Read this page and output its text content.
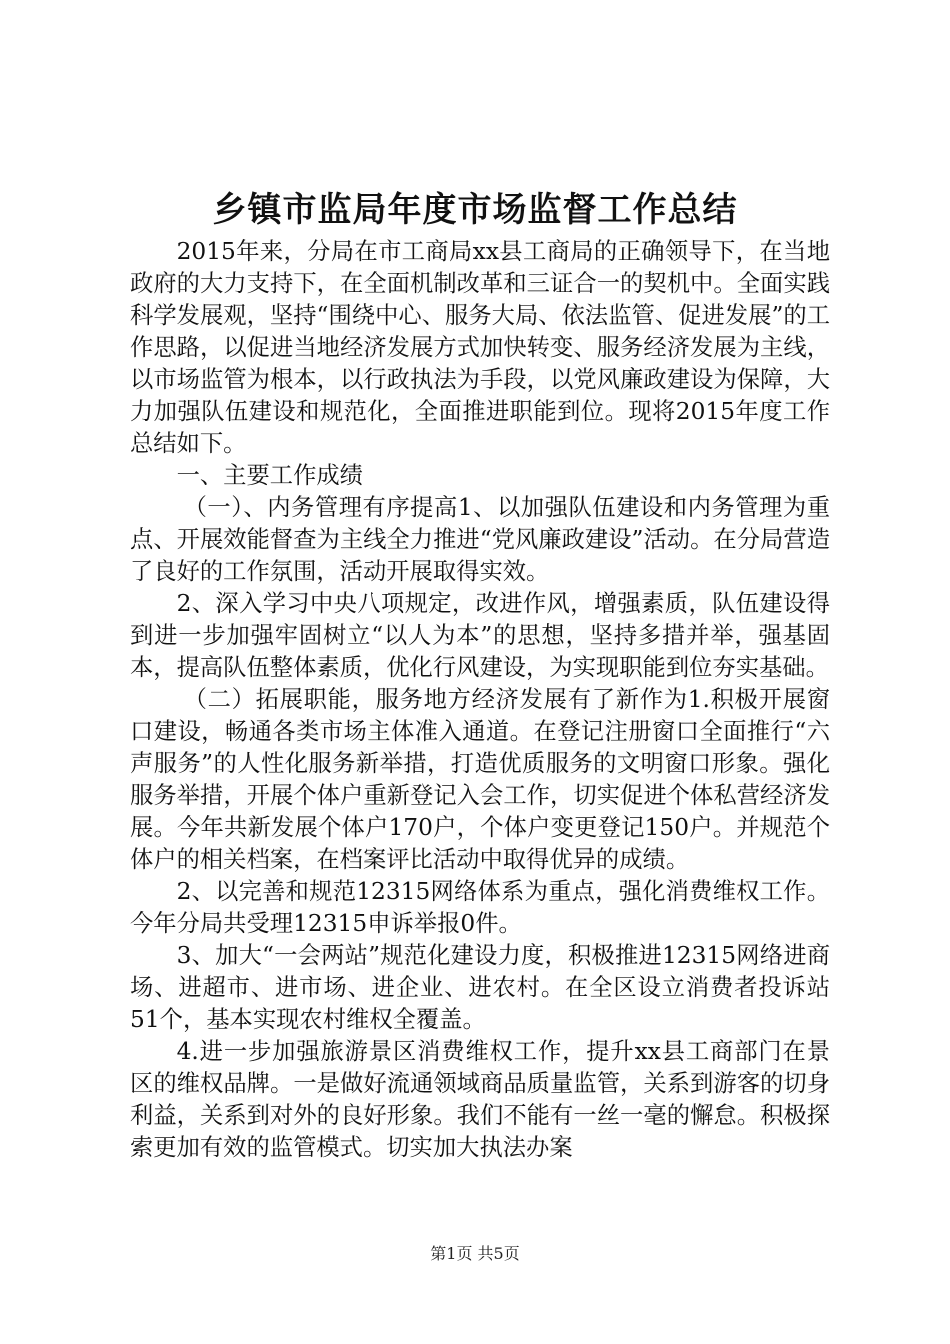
乡镇市监局年度市场监督工作总结

2015年来，分局在市工商局xx县工商局的正确领导下，在当地政府的大力支持下，在全面机制改革和三证合一的契机中。全面实践科学发展观，坚持“围绕中心、服务大局、依法监管、促进发展”的工作思路，以促进当地经济发展方式加快转变、服务经济发展为主线，以市场监管为根本，以行政执法为手段，以党风廉政建设为保障，大力加强队伍建设和规范化，全面推进职能到位。现将2015年度工作总结如下。

一、主要工作成绩

（一）、内务管理有序提高1、以加强队伍建设和内务管理为重点、开展效能督查为主线全力推进“党风廉政建设”活动。在分局营造了良好的工作氛围，活动开展取得实效。

2、深入学习中央八项规定，改进作风，增强素质，队伍建设得到进一步加强牢固树立“以人为本”的思想，坚持多措并举，强基固本，提高队伍整体素质，优化行风建设，为实现职能到位夯实基础。

（二）拓展职能，服务地方经济发展有了新作为1.积极开展窗口建设，畅通各类市场主体准入通道。在登记注册窗口全面推行“六声服务”的人性化服务新举措，打造优质服务的文明窗口形象。强化服务举措，开展个体户重新登记入会工作，切实促进个体私营经济发展。今年共新发展个体户170户，个体户变更登记150户。并规范个体户的相关档案，在档案评比活动中取得优异的成绩。

2、以完善和规范12315网络体系为重点，强化消费维权工作。今年分局共受理12315申诉举报0件。

3、加大“一会两站”规范化建设力度，积极推进12315网络进商场、进超市、进市场、进企业、进农村。在全区设立消费者投诉站51个，基本实现农村维权全覆盖。

4.进一步加强旅游景区消费维权工作，提升xx县工商部门在景区的维权品牌。一是做好流通领域商品质量监管，关系到游客的切身利益，关系到对外的良好形象。我们不能有一丝一毫的懈怠。积极探索更加有效的监管模式。切实加大执法办案

第1页 共5页
